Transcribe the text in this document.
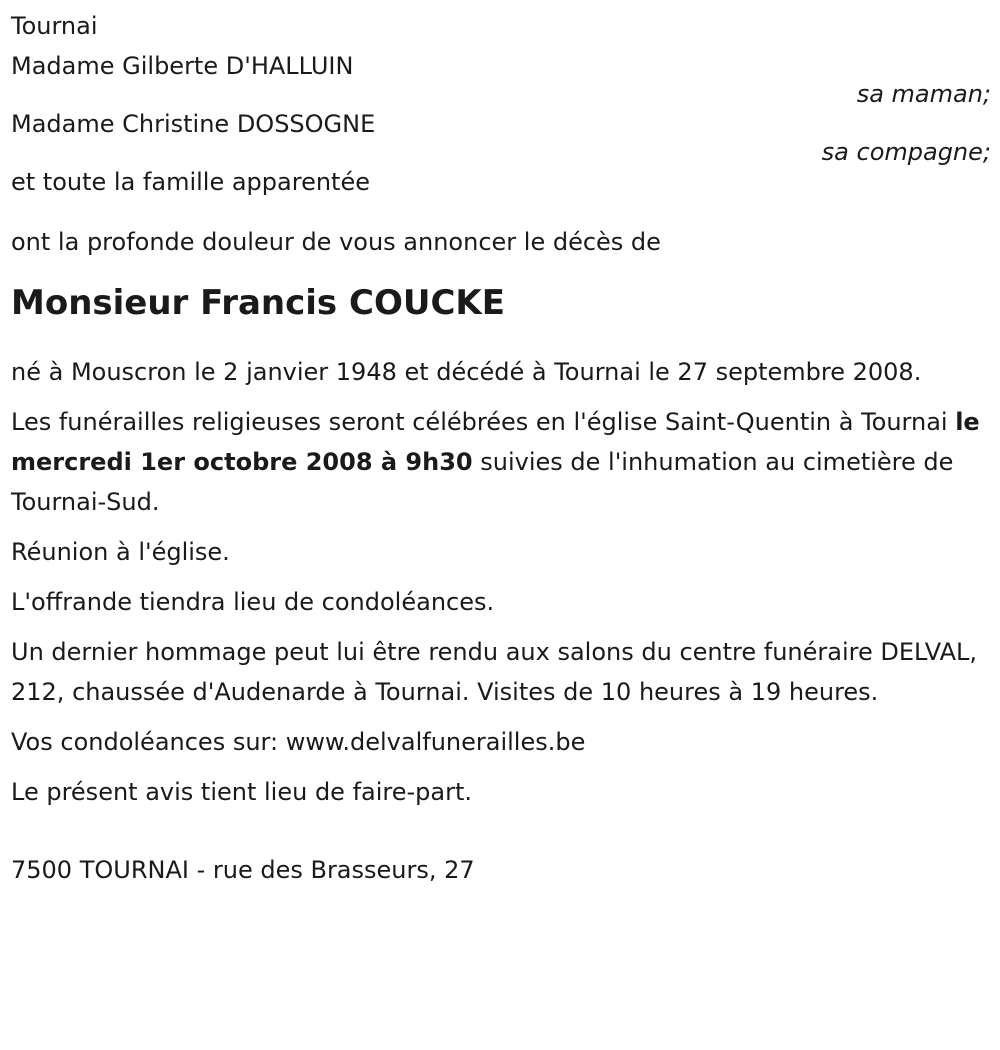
Tournai
Madame Gilberte D'HALLUIN
sa maman;
Madame Christine DOSSOGNE
sa compagne;
et toute la famille apparentée
ont la profonde douleur de vous annoncer le décès de
Monsieur Francis COUCKE
né à Mouscron le 2 janvier 1948 et décédé à Tournai le 27 septembre 2008.
Les funérailles religieuses seront célébrées en l'église Saint-Quentin à Tournai le mercredi 1er octobre 2008 à 9h30 suivies de l'inhumation au cimetière de Tournai-Sud.
Réunion à l'église.
L'offrande tiendra lieu de condoléances.
Un dernier hommage peut lui être rendu aux salons du centre funéraire DELVAL, 212, chaussée d'Audenarde à Tournai. Visites de 10 heures à 19 heures.
Vos condoléances sur: www.delvalfunerailles.be
Le présent avis tient lieu de faire-part.
7500 TOURNAI - rue des Brasseurs, 27
